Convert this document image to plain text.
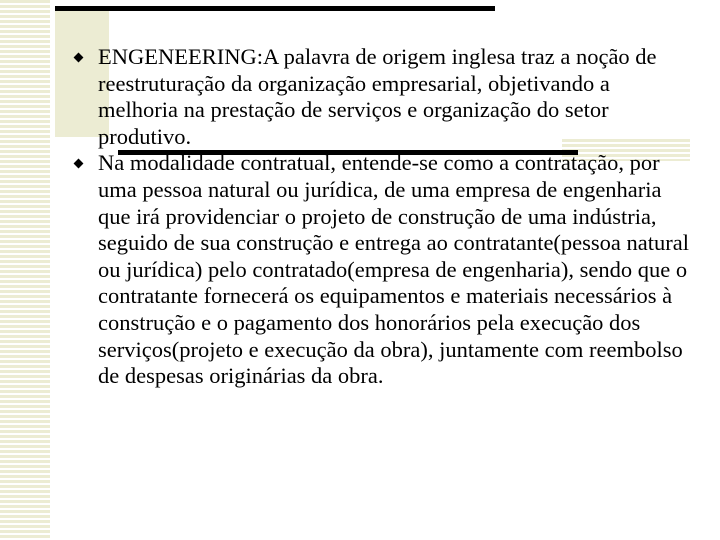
ENGENEERING:A palavra de origem inglesa traz a noção de reestruturação da organização empresarial, objetivando a melhoria na prestação de serviços e organização do setor produtivo.
Na modalidade contratual, entende-se como a contratação, por uma pessoa natural ou jurídica, de uma empresa de engenharia que irá providenciar o projeto de construção de uma indústria, seguido de sua construção e entrega ao contratante(pessoa natural ou jurídica) pelo contratado(empresa de engenharia), sendo que o contratante fornecerá os equipamentos e materiais necessários à construção e o pagamento dos honorários pela execução dos serviços(projeto e execução da obra), juntamente com reembolso de despesas originárias da obra.
